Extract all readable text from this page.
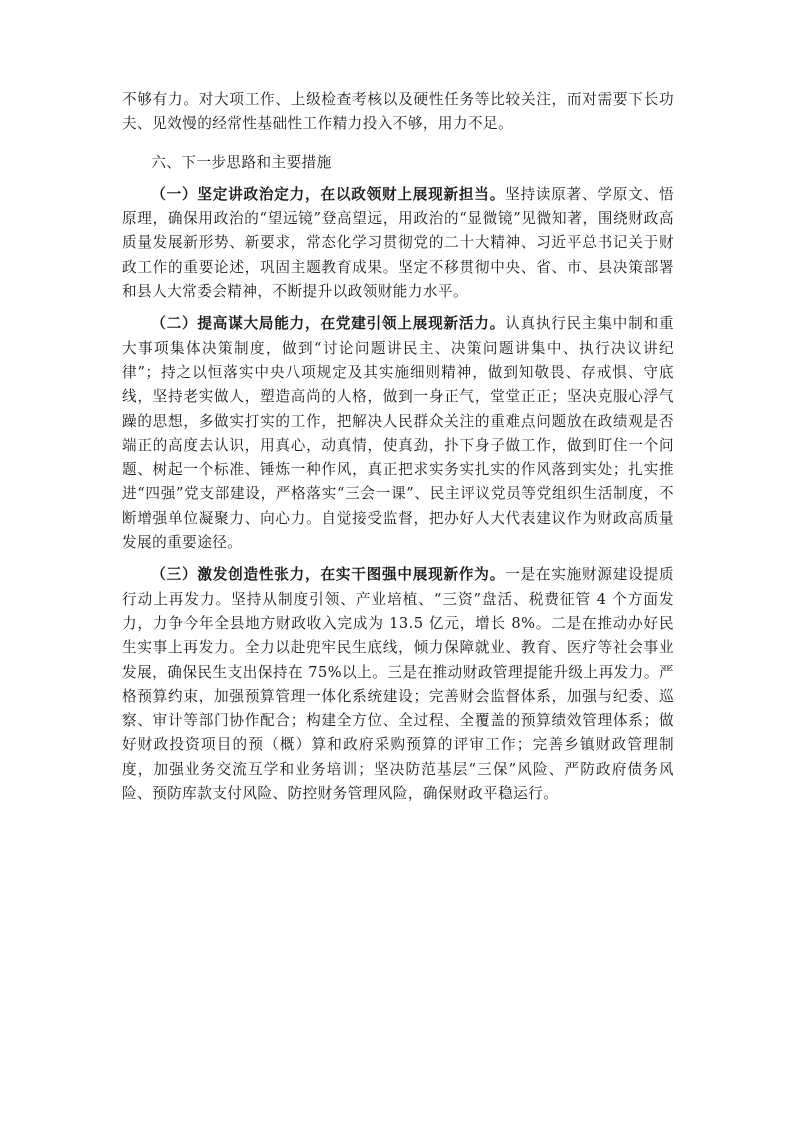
不够有力。对大项工作、上级检查考核以及硬性任务等比较关注，而对需要下长功夫、见效慢的经常性基础性工作精力投入不够，用力不足。

六、下一步思路和主要措施

（一）坚定讲政治定力，在以政领财上展现新担当。坚持读原著、学原文、悟原理，确保用政治的“望远镜”登高望远，用政治的“显微镜”见微知著，围绕财政高质量发展新形势、新要求，常态化学习贯彻党的二十大精神、习近平总书记关于财政工作的重要论述，巩固主题教育成果。坚定不移贯彻中央、省、市、县决策部署和县人大常委会精神，不断提升以政领财能力水平。

（二）提高谋大局能力，在党建引领上展现新活力。认真执行民主集中制和重大事项集体决策制度，做到“讨论问题讲民主、决策问题讲集中、执行决议讲纪律”；持之以恒落实中央八项规定及其实施细则精神，做到知敬畏、存戒惧、守底线，坚持老实做人，塑造高尚的人格，做到一身正气，堂堂正正；坚决克服心浮气躁的思想，多做实打实的工作，把解决人民群众关注的重难点问题放在政绩观是否端正的高度去认识，用真心，动真情，使真劲，扑下身子做工作，做到盯住一个问题、树起一个标准、锤炼一种作风，真正把求实务实扎实的作风落到实处；扎实推进“四强”党支部建设，严格落实“三会一课”、民主评议党员等党组织生活制度，不断增强单位凝聚力、向心力。自觉接受监督，把办好人大代表建议作为财政高质量发展的重要途径。

（三）激发创造性张力，在实干图强中展现新作为。一是在实施财源建设提质行动上再发力。坚持从制度引领、产业培植、“三资”盘活、税费征管 4 个方面发力，力争今年全县地方财政收入完成为 13.5 亿元，增长 8%。二是在推动办好民生实事上再发力。全力以赴兜牢民生底线，倾力保障就业、教育、医疗等社会事业发展，确保民生支出保持在 75%以上。三是在推动财政管理提能升级上再发力。严格预算约束，加强预算管理一体化系统建设；完善财会监督体系，加强与纪委、巡察、审计等部门协作配合；构建全方位、全过程、全覆盖的预算绩效管理体系；做好财政投资项目的预（概）算和政府采购预算的评审工作；完善乡镇财政管理制度，加强业务交流互学和业务培训；坚决防范基层“三保”风险、严防政府债务风险、预防库款支付风险、防控财务管理风险，确保财政平稳运行。
